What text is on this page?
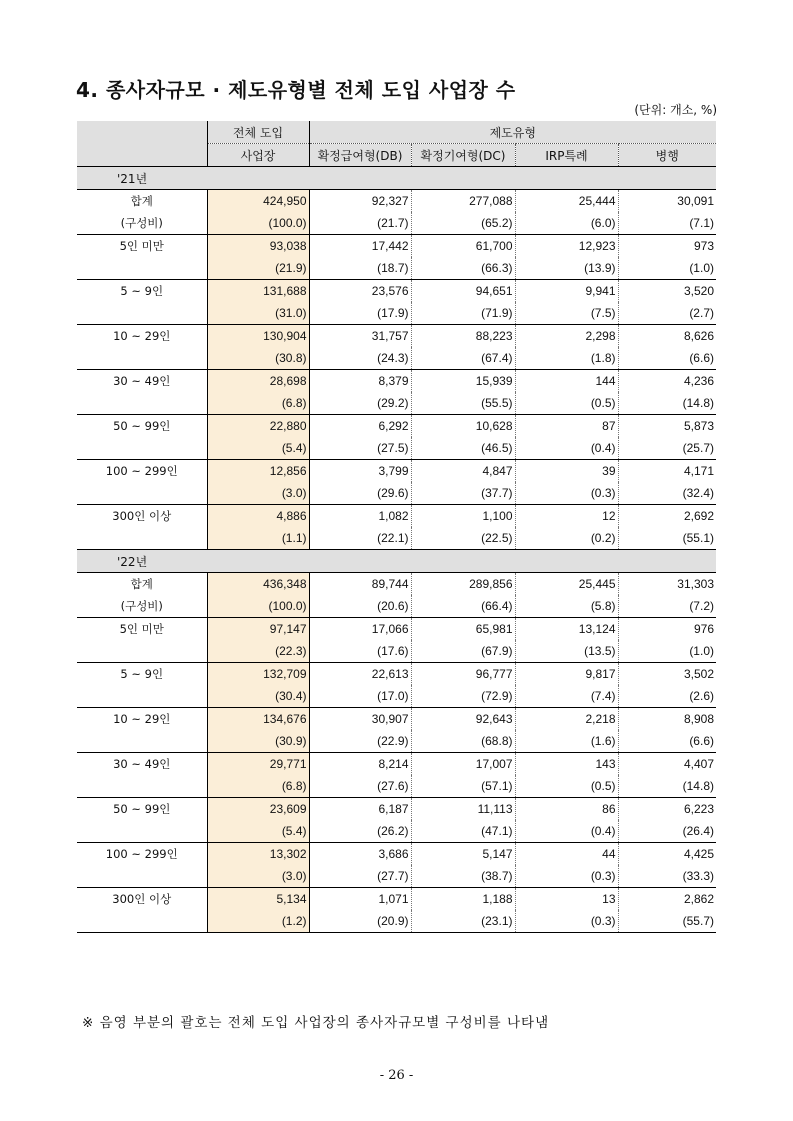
4. 종사자규모 · 제도유형별 전체 도입 사업장 수
(단위: 개소, %)
	전체 도입	제도유형			
	사업장	확정급여형(DB)	확정기여형(DC)	IRP특례	병행
'21년					
합계	424,950	92,327	277,088	25,444	30,091
(구성비)	(100.0)	(21.7)	(65.2)	(6.0)	(7.1)
5인 미만	93,038	17,442	61,700	12,923	973
	(21.9)	(18.7)	(66.3)	(13.9)	(1.0)
5 ~ 9인	131,688	23,576	94,651	9,941	3,520
	(31.0)	(17.9)	(71.9)	(7.5)	(2.7)
10 ~ 29인	130,904	31,757	88,223	2,298	8,626
	(30.8)	(24.3)	(67.4)	(1.8)	(6.6)
30 ~ 49인	28,698	8,379	15,939	144	4,236
	(6.8)	(29.2)	(55.5)	(0.5)	(14.8)
50 ~ 99인	22,880	6,292	10,628	87	5,873
	(5.4)	(27.5)	(46.5)	(0.4)	(25.7)
100 ~ 299인	12,856	3,799	4,847	39	4,171
	(3.0)	(29.6)	(37.7)	(0.3)	(32.4)
300인 이상	4,886	1,082	1,100	12	2,692
	(1.1)	(22.1)	(22.5)	(0.2)	(55.1)
'22년					
합계	436,348	89,744	289,856	25,445	31,303
(구성비)	(100.0)	(20.6)	(66.4)	(5.8)	(7.2)
5인 미만	97,147	17,066	65,981	13,124	976
	(22.3)	(17.6)	(67.9)	(13.5)	(1.0)
5 ~ 9인	132,709	22,613	96,777	9,817	3,502
	(30.4)	(17.0)	(72.9)	(7.4)	(2.6)
10 ~ 29인	134,676	30,907	92,643	2,218	8,908
	(30.9)	(22.9)	(68.8)	(1.6)	(6.6)
30 ~ 49인	29,771	8,214	17,007	143	4,407
	(6.8)	(27.6)	(57.1)	(0.5)	(14.8)
50 ~ 99인	23,609	6,187	11,113	86	6,223
	(5.4)	(26.2)	(47.1)	(0.4)	(26.4)
100 ~ 299인	13,302	3,686	5,147	44	4,425
	(3.0)	(27.7)	(38.7)	(0.3)	(33.3)
300인 이상	5,134	1,071	1,188	13	2,862
	(1.2)	(20.9)	(23.1)	(0.3)	(55.7)
※ 음영 부분의 괄호는 전체 도입 사업장의 종사자규모별 구성비를 나타냄
- 26 -
